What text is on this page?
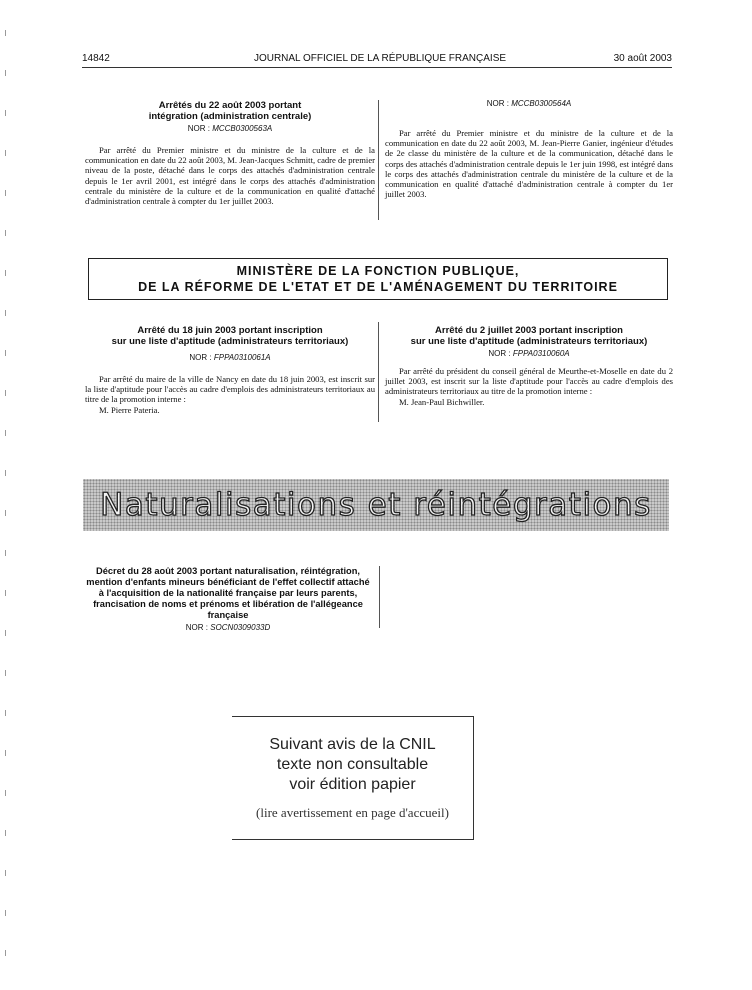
14842	JOURNAL OFFICIEL DE LA RÉPUBLIQUE FRANÇAISE	30 août 2003
Arrêtés du 22 août 2003 portant
intégration (administration centrale)
NOR : MCCB0300563A

Par arrêté du Premier ministre et du ministre de la culture et de la communication en date du 22 août 2003, M. Jean-Jacques Schmitt, cadre de premier niveau de la poste, détaché dans le corps des attachés d'administration centrale depuis le 1er avril 2001, est intégré dans le corps des attachés d'administration centrale du ministère de la culture et de la communication en qualité d'attaché d'administration centrale à compter du 1er juillet 2003.

NOR : MCCB0300564A

Par arrêté du Premier ministre et du ministre de la culture et de la communication en date du 22 août 2003, M. Jean-Pierre Ganier, ingénieur d'études de 2e classe du ministère de la culture et de la communication, détaché dans le corps des attachés d'administration centrale depuis le 1er juin 1998, est intégré dans le corps des attachés d'administration centrale du ministère de la culture et de la communication en qualité d'attaché d'administration centrale à compter du 1er juillet 2003.

MINISTÈRE DE LA FONCTION PUBLIQUE,
DE LA RÉFORME DE L'ETAT ET DE L'AMÉNAGEMENT DU TERRITOIRE
Arrêté du 18 juin 2003 portant inscription
sur une liste d'aptitude (administrateurs territoriaux)
NOR : FPPA0310061A

Par arrêté du maire de la ville de Nancy en date du 18 juin 2003, est inscrit sur la liste d'aptitude pour l'accès au cadre d'emplois des administrateurs territoriaux au titre de la promotion interne :

M. Pierre Pateria.

Arrêté du 2 juillet 2003 portant inscription
sur une liste d'aptitude (administrateurs territoriaux)
NOR : FPPA0310060A

Par arrêté du président du conseil général de Meurthe-et-Moselle en date du 2 juillet 2003, est inscrit sur la liste d'aptitude pour l'accès au cadre d'emplois des administrateurs territoriaux au titre de la promotion interne :

M. Jean-Paul Bichwiller.

Naturalisations et réintégrations
Décret du 28 août 2003 portant naturalisation, réintégration, mention d'enfants mineurs bénéficiant de l'effet collectif attaché à l'acquisition de la nationalité française par leurs parents, francisation de noms et prénoms et libération de l'allégeance française
NOR : SOCN0309033D
Suivant avis de la CNIL
texte non consultable
voir édition papier
(lire avertissement en page d'accueil)
